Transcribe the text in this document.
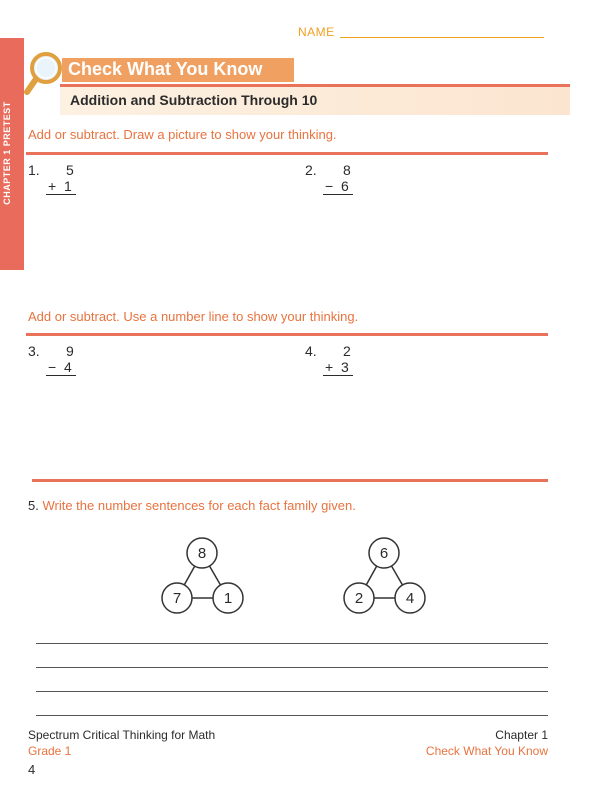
NAME
CHAPTER 1 PRETEST
Check What You Know
Addition and Subtraction Through 10
Add or subtract. Draw a picture to show your thinking.
1. 5
+ 1
2. 8
− 6
Add or subtract. Use a number line to show your thinking.
3. 9
− 4
4. 2
+ 3
5. Write the number sentences for each fact family given.
8
7	1
6
2	4
Spectrum Critical Thinking for Math
Grade 1
4
Chapter 1
Check What You Know
